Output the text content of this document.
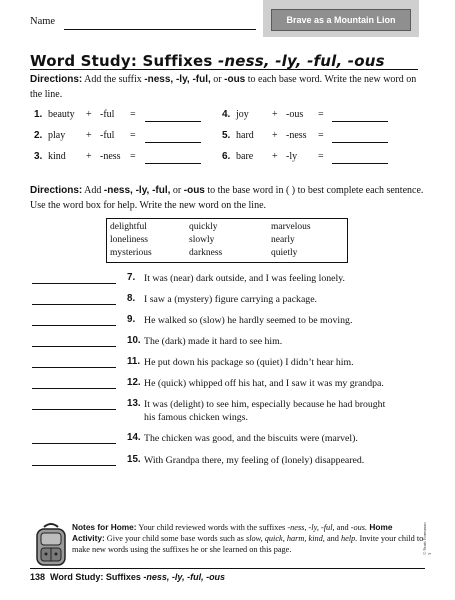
Name	Brave as a Mountain Lion
Word Study: Suffixes -ness, -ly, -ful, -ous
Directions: Add the suffix -ness, -ly, -ful, or -ous to each base word. Write the new word on the line.
1. beauty + -ful =
2. play + -ful =
3. kind + -ness =
4. joy + -ous =
5. hard + -ness =
6. bare + -ly =
Directions: Add -ness, -ly, -ful, or -ous to the base word in ( ) to best complete each sentence. Use the word box for help. Write the new word on the line.
delightful
loneliness
mysterious
quickly
slowly
darkness
marvelous
nearly
quietly
7. It was (near) dark outside, and I was feeling lonely.
8. I saw a (mystery) figure carrying a package.
9. He walked so (slow) he hardly seemed to be moving.
10. The (dark) made it hard to see him.
11. He put down his package so (quiet) I didn’t hear him.
12. He (quick) whipped off his hat, and I saw it was my grandpa.
13. It was (delight) to see him, especially because he had brought his famous chicken wings.
14. The chicken was good, and the biscuits were (marvel).
15. With Grandpa there, my feeling of (lonely) disappeared.
© Scott Foresman 3
Notes for Home: Your child reviewed words with the suffixes -ness, -ly, -ful, and -ous. Home Activity: Give your child some base words such as slow, quick, harm, kind, and help. Invite your child to make new words using the suffixes he or she learned on this page.
138 Word Study: Suffixes -ness, -ly, -ful, -ous
